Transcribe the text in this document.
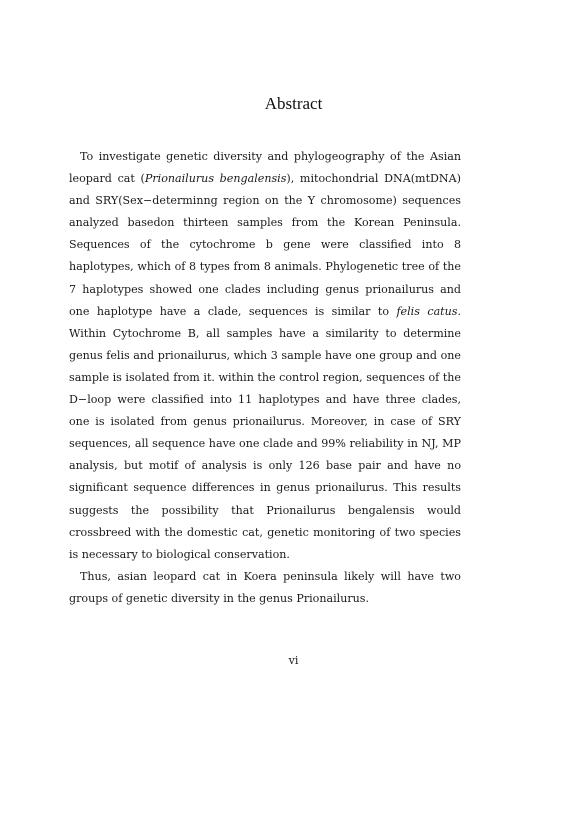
Abstract

To investigate genetic diversity and phylogeography of the Asian leopard cat (Prionailurus bengalensis), mitochondrial DNA(mtDNA) and SRY(Sex−determinng region on the Y chromosome) sequences analyzed basedon thirteen samples from the Korean Peninsula. Sequences of the cytochrome b gene were classified into 8 haplotypes, which of 8 types from 8 animals. Phylogenetic tree of the 7 haplotypes showed one clades including genus prionailurus and one haplotype have a clade, sequences is similar to felis catus. Within Cytochrome B, all samples have a similarity to determine genus felis and prionailurus, which 3 sample have one group and one sample is isolated from it. within the control region, sequences of the D−loop were classified into 11 haplotypes and have three clades, one is isolated from genus prionailurus. Moreover, in case of SRY sequences, all sequence have one clade and 99% reliability in NJ, MP analysis, but motif of analysis is only 126 base pair and have no significant sequence differences in genus prionailurus. This results suggests the possibility that Prionailurus bengalensis would crossbreed with the domestic cat, genetic monitoring of two species is necessary to biological conservation.

Thus, asian leopard cat in Koera peninsula likely will have two groups of genetic diversity in the genus Prionailurus.

vi
